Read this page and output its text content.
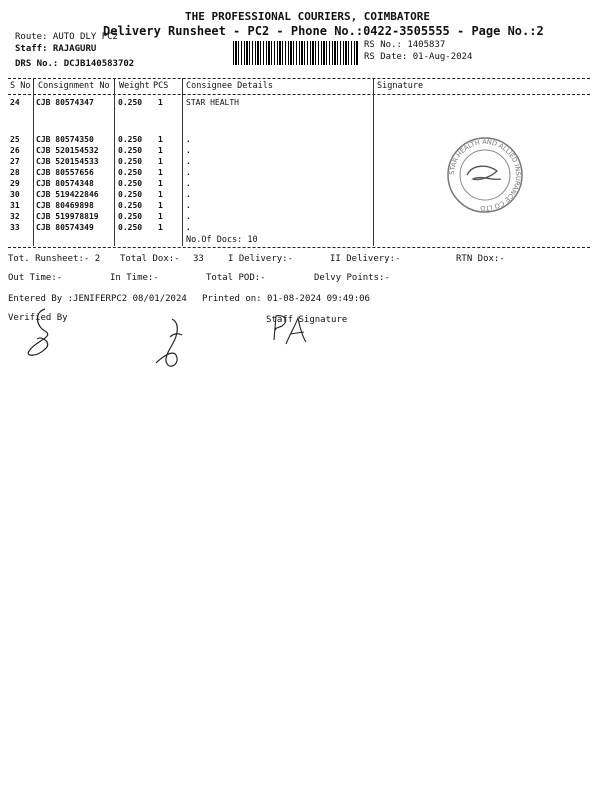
THE PROFESSIONAL COURIERS, COIMBATORE
Delivery Runsheet - PC2 - Phone No.:0422-3505555 - Page No.:2
Route: AUTO DLY PC2
Staff: RAJAGURU
DRS No.: DCJB140583702
RS No.: 1405837
RS Date: 01-Aug-2024
S No Consignment No Weight PCS Consignee Details	Signature
24 CJB 80574347	0.250 1	STAR HEALTH
25 CJB 80574350	0.250 1	.
26 CJB 520154532 0.250 1	.
27 CJB 520154533 0.250 1	.
28 CJB 80557656	0.250 1	.
29 CJB 80574348	0.250 1	.
30 CJB 519422846 0.250 1	.
31 CJB 80469898	0.250 1	.
32 CJB 519978819 0.250 1	.
33 CJB 80574349	0.250 1	.
No.Of Docs: 10
STAR HEALTH AND ALLIED INSURANCE CO LTD
Tot. Runsheet:- 2 Total Dox:- 33	I Delivery:-	II Delivery:-	RTN Dox:-
Out Time:-	In Time:-	Total POD:-	Delvy Points:-
Entered By :JENIFERPC2 08/01/2024 Printed on: 01-08-2024 09:49:06
Verified By	Staff Signature
